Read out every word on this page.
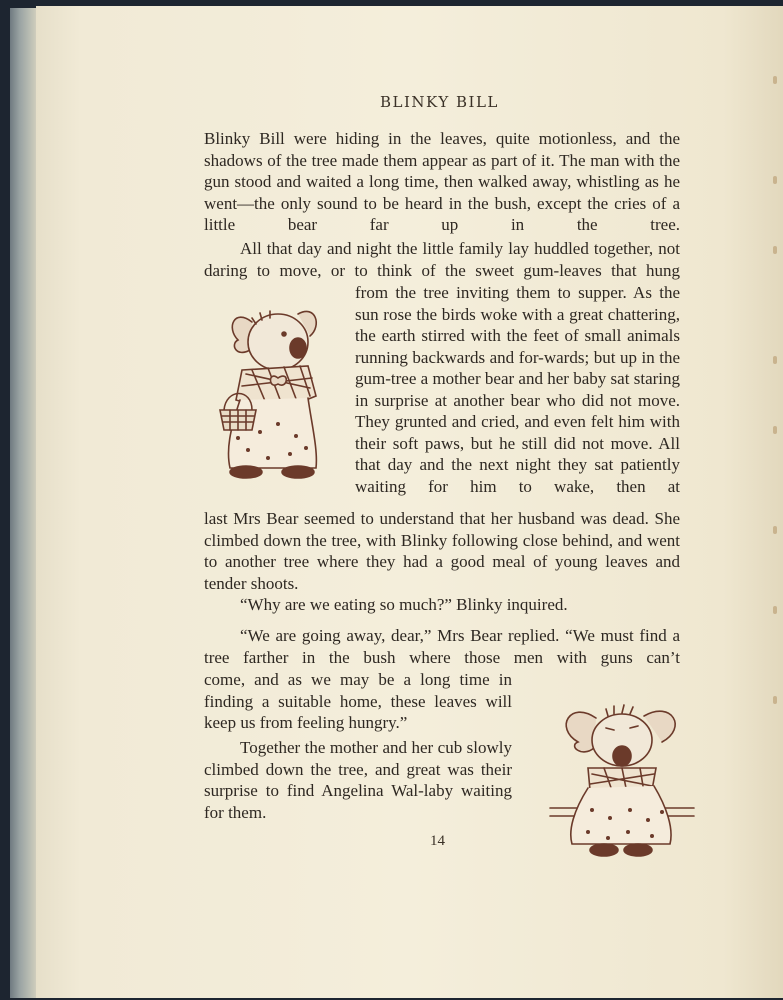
BLINKY BILL

Blinky Bill were hiding in the leaves, quite motionless, and the shadows of the tree made them appear as part of it. The man with the gun stood and waited a long time, then walked away, whistling as he went—the only sound to be heard in the bush, except the cries of a little bear far up in the tree.

All that day and night the little family lay huddled together, not daring to move, or to think of the sweet gum-leaves that hung

from the tree inviting them to supper. As the sun rose the birds woke with a great chattering, the earth stirred with the feet of small animals running backwards and for-wards; but up in the gum-tree a mother bear and her baby sat staring in surprise at another bear who did not move. They grunted and cried, and even felt him with their soft paws, but he still did not move. All that day and the next night they sat patiently waiting for him to wake, then at

last Mrs Bear seemed to understand that her husband was dead. She climbed down the tree, with Blinky following close behind, and went to another tree where they had a good meal of young leaves and tender shoots.

“Why are we eating so much?” Blinky inquired.

“We are going away, dear,” Mrs Bear replied. “We must find a tree farther in the bush where those men with guns can’t

come, and as we may be a long time in finding a suitable home, these leaves will keep us from feeling hungry.”

Together the mother and her cub slowly climbed down the tree, and great was their surprise to find Angelina Wal-laby waiting for them.

14
